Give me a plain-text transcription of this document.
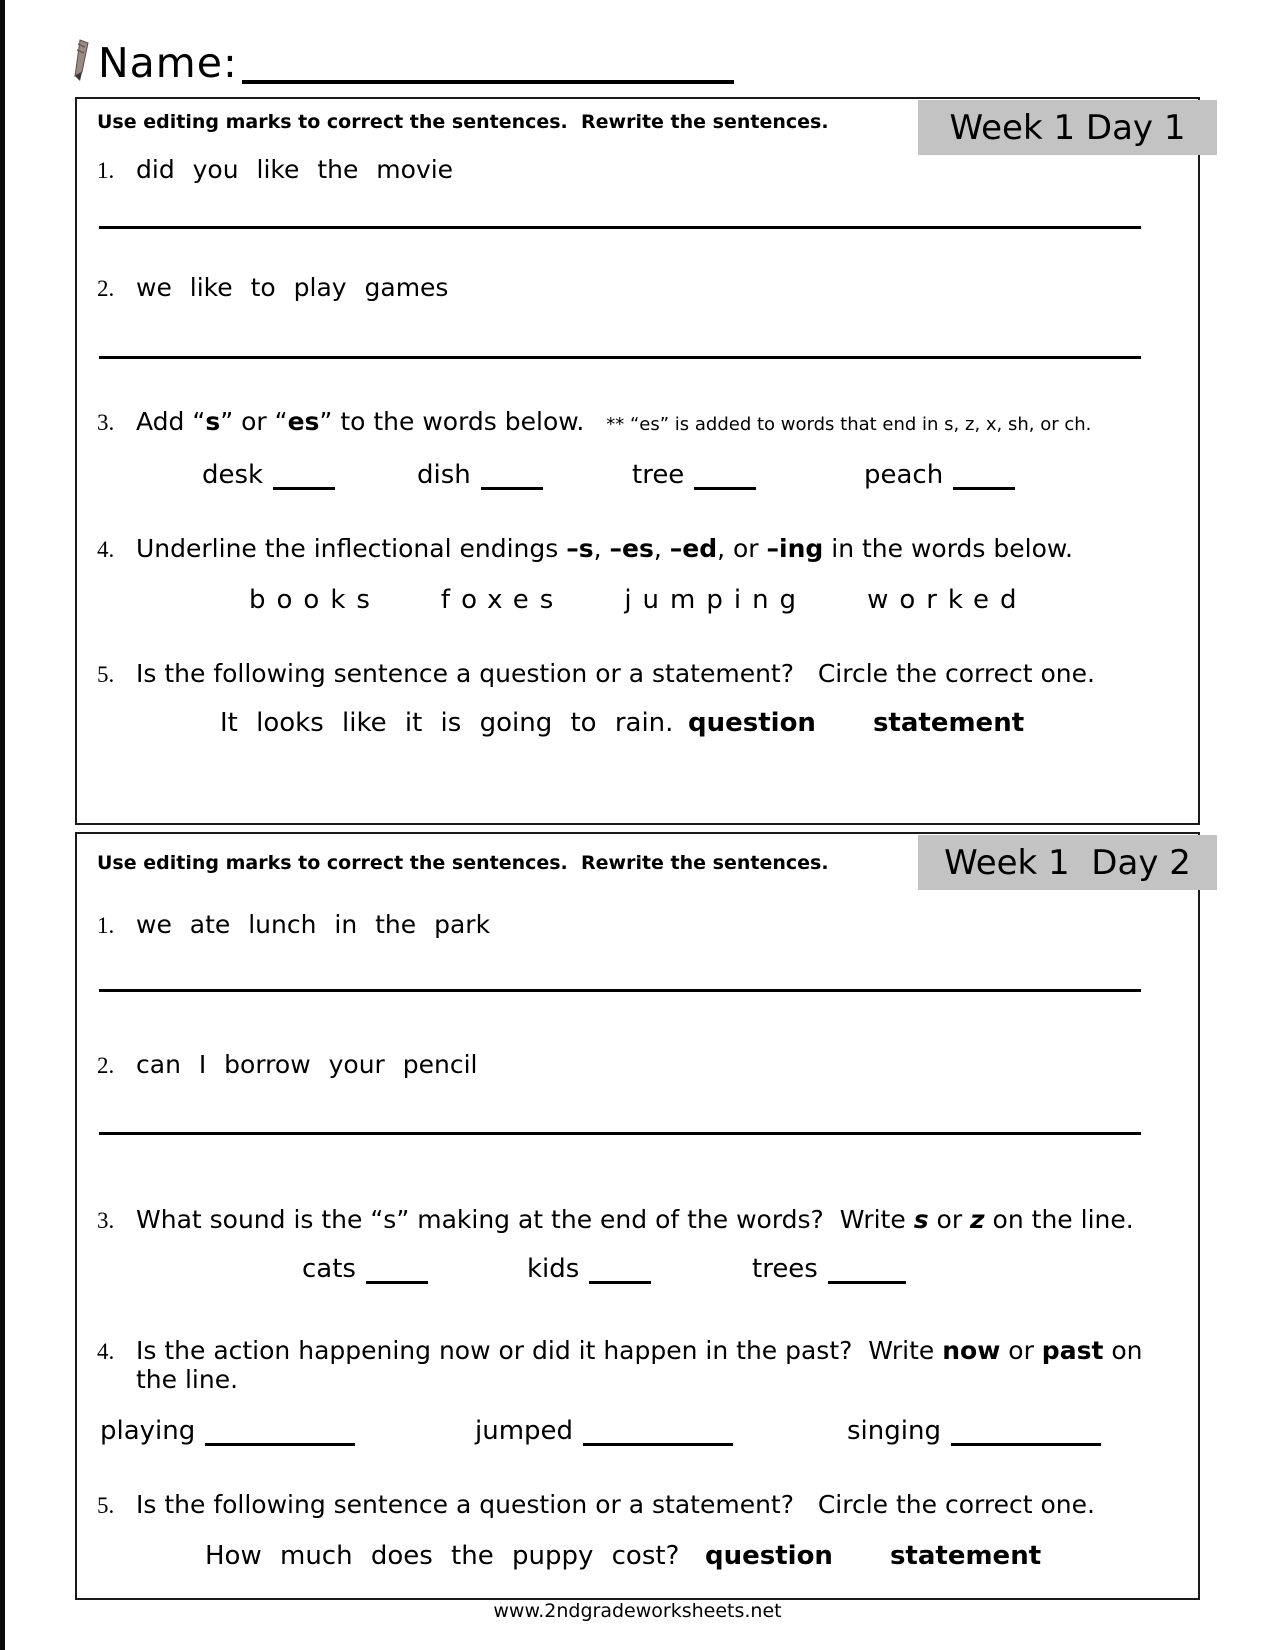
Name:
Week 1 Day 1
Use editing marks to correct the sentences.  Rewrite the sentences.
1. did you like the movie
2. we like to play games
3. Add “s” or “es” to the words below.  ** “es” is added to words that end in s, z, x, sh, or ch.
desk	dish	tree	peach
4. Underline the inflectional endings –s, –es, –ed, or –ing in the words below.
books foxes jumping worked
5. Is the following sentence a question or a statement?   Circle the correct one.
It looks like it is going to rain. question statement
Week 1  Day 2
Use editing marks to correct the sentences.  Rewrite the sentences.
1. we ate lunch in the park
2. can I borrow your pencil
3. What sound is the “s” making at the end of the words?  Write s or z on the line.
cats	kids	trees
4. Is the action happening now or did it happen in the past?  Write now or past on the line.
playing	jumped	singing
5. Is the following sentence a question or a statement?   Circle the correct one.
How much does the puppy cost? question statement
www.2ndgradeworksheets.net
